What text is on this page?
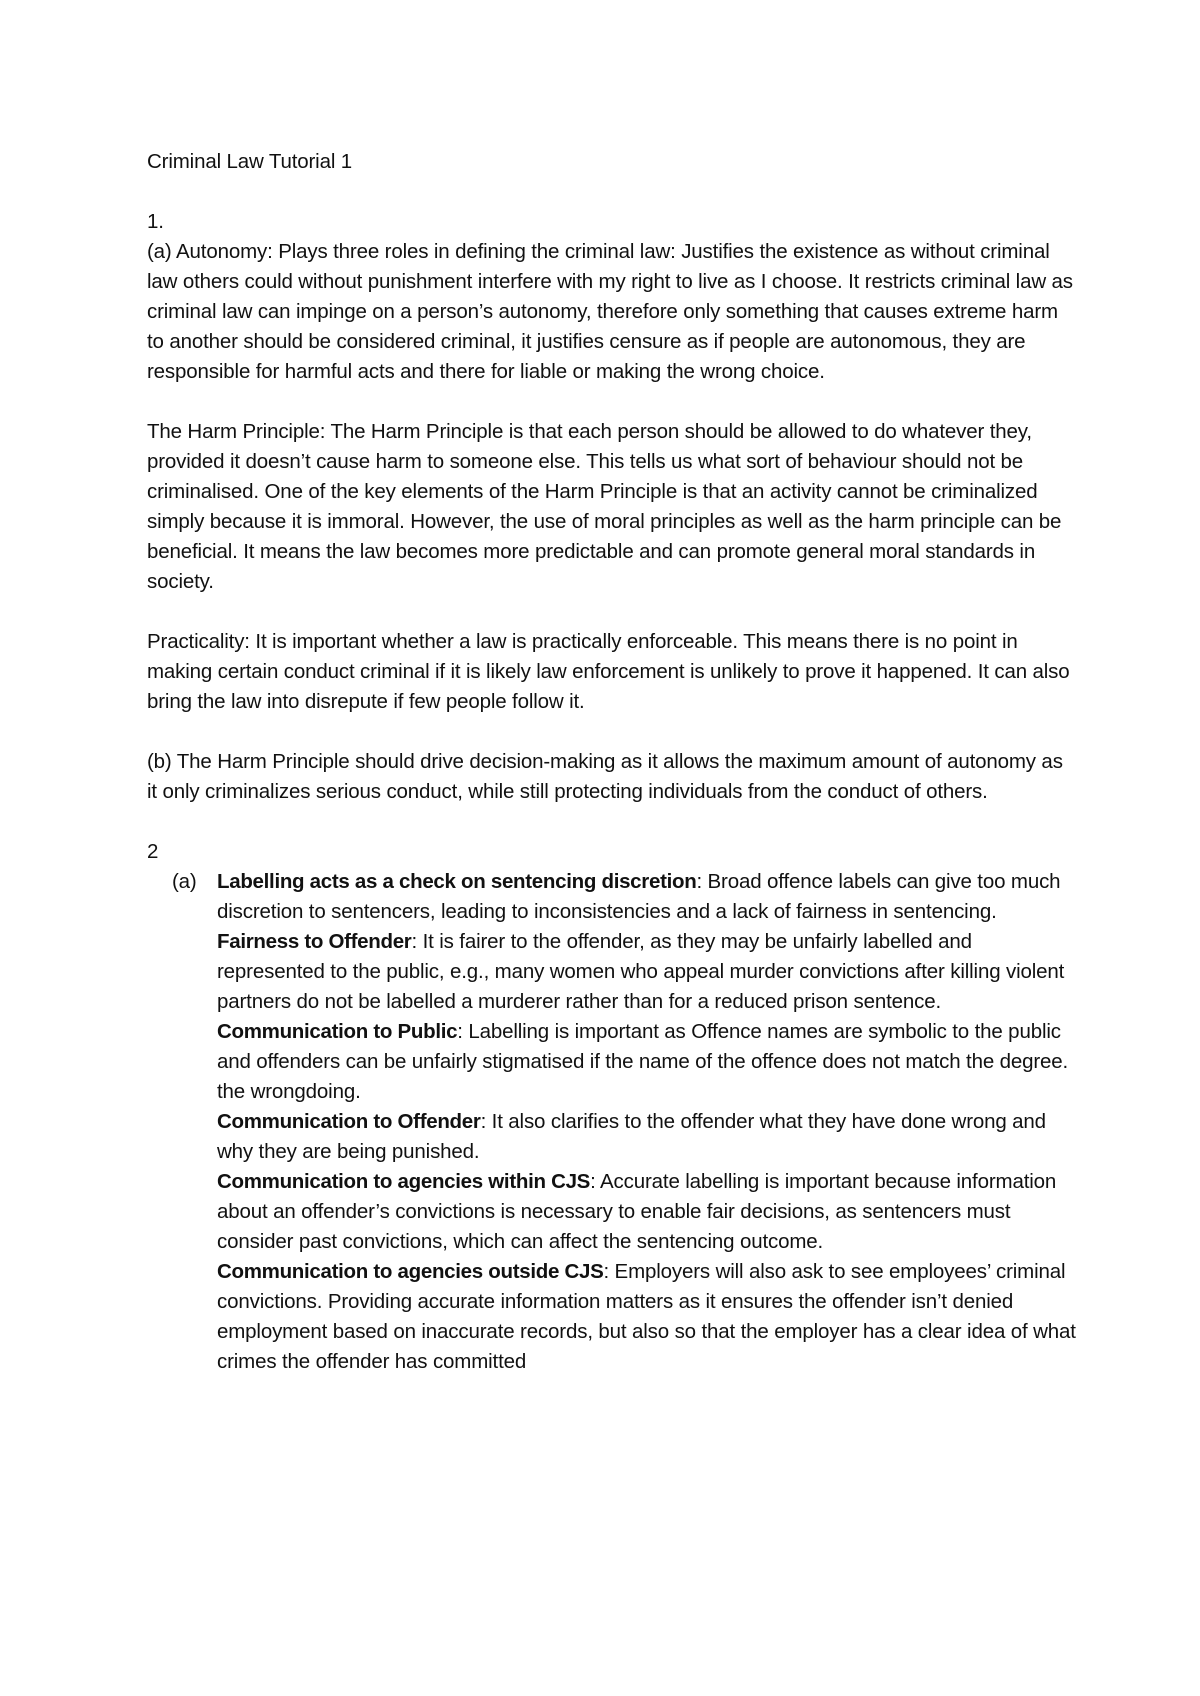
Criminal Law Tutorial 1

1.

(a) Autonomy: Plays three roles in defining the criminal law: Justifies the existence as without criminal law others could without punishment interfere with my right to live as I choose. It restricts criminal law as criminal law can impinge on a person’s autonomy, therefore only something that causes extreme harm to another should be considered criminal, it justifies censure as if people are autonomous, they are responsible for harmful acts and there for liable or making the wrong choice.

The Harm Principle: The Harm Principle is that each person should be allowed to do whatever they, provided it doesn’t cause harm to someone else. This tells us what sort of behaviour should not be criminalised. One of the key elements of the Harm Principle is that an activity cannot be criminalized simply because it is immoral. However, the use of moral principles as well as the harm principle can be beneficial. It means the law becomes more predictable and can promote general moral standards in society.

Practicality: It is important whether a law is practically enforceable. This means there is no point in making certain conduct criminal if it is likely law enforcement is unlikely to prove it happened. It can also bring the law into disrepute if few people follow it.

(b) The Harm Principle should drive decision-making as it allows the maximum amount of autonomy as it only criminalizes serious conduct, while still protecting individuals from the conduct of others.

2

(a) Labelling acts as a check on sentencing discretion: Broad offence labels can give too much discretion to sentencers, leading to inconsistencies and a lack of fairness in sentencing.

Fairness to Offender: It is fairer to the offender, as they may be unfairly labelled and represented to the public, e.g., many women who appeal murder convictions after killing violent partners do not be labelled a murderer rather than for a reduced prison sentence.

Communication to Public: Labelling is important as Offence names are symbolic to the public and offenders can be unfairly stigmatised if the name of the offence does not match the degree. the wrongdoing.

Communication to Offender: It also clarifies to the offender what they have done wrong and why they are being punished.

Communication to agencies within CJS: Accurate labelling is important because information about an offender’s convictions is necessary to enable fair decisions, as sentencers must consider past convictions, which can affect the sentencing outcome.

Communication to agencies outside CJS: Employers will also ask to see employees’ criminal convictions. Providing accurate information matters as it ensures the offender isn’t denied employment based on inaccurate records, but also so that the employer has a clear idea of what crimes the offender has committed
